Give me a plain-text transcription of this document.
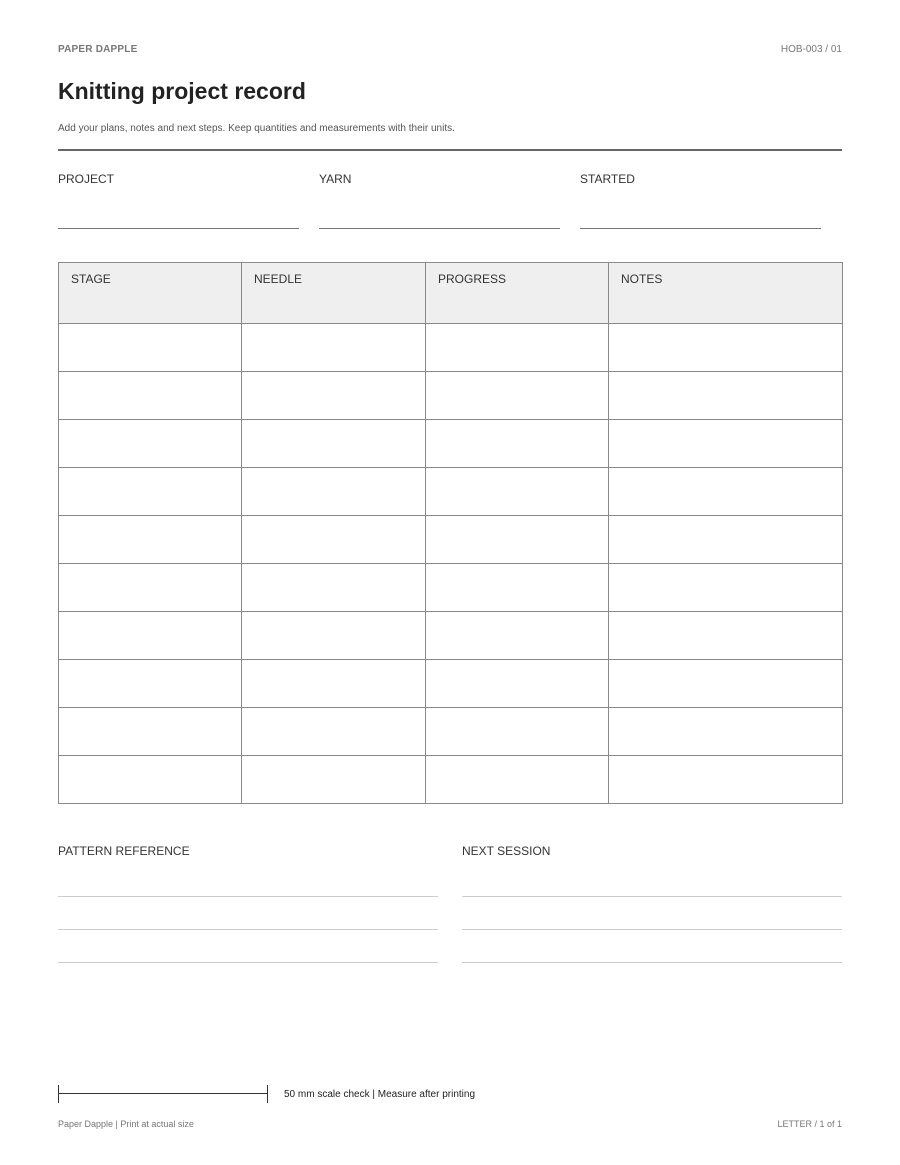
PAPER DAPPLE	HOB-003 / 01
Knitting project record
Add your plans, notes and next steps. Keep quantities and measurements with their units.
PROJECT	YARN	STARTED
STAGE	NEEDLE	PROGRESS	NOTES

PATTERN REFERENCE	NEXT SESSION
50 mm scale check | Measure after printing
Paper Dapple | Print at actual size	LETTER / 1 of 1
